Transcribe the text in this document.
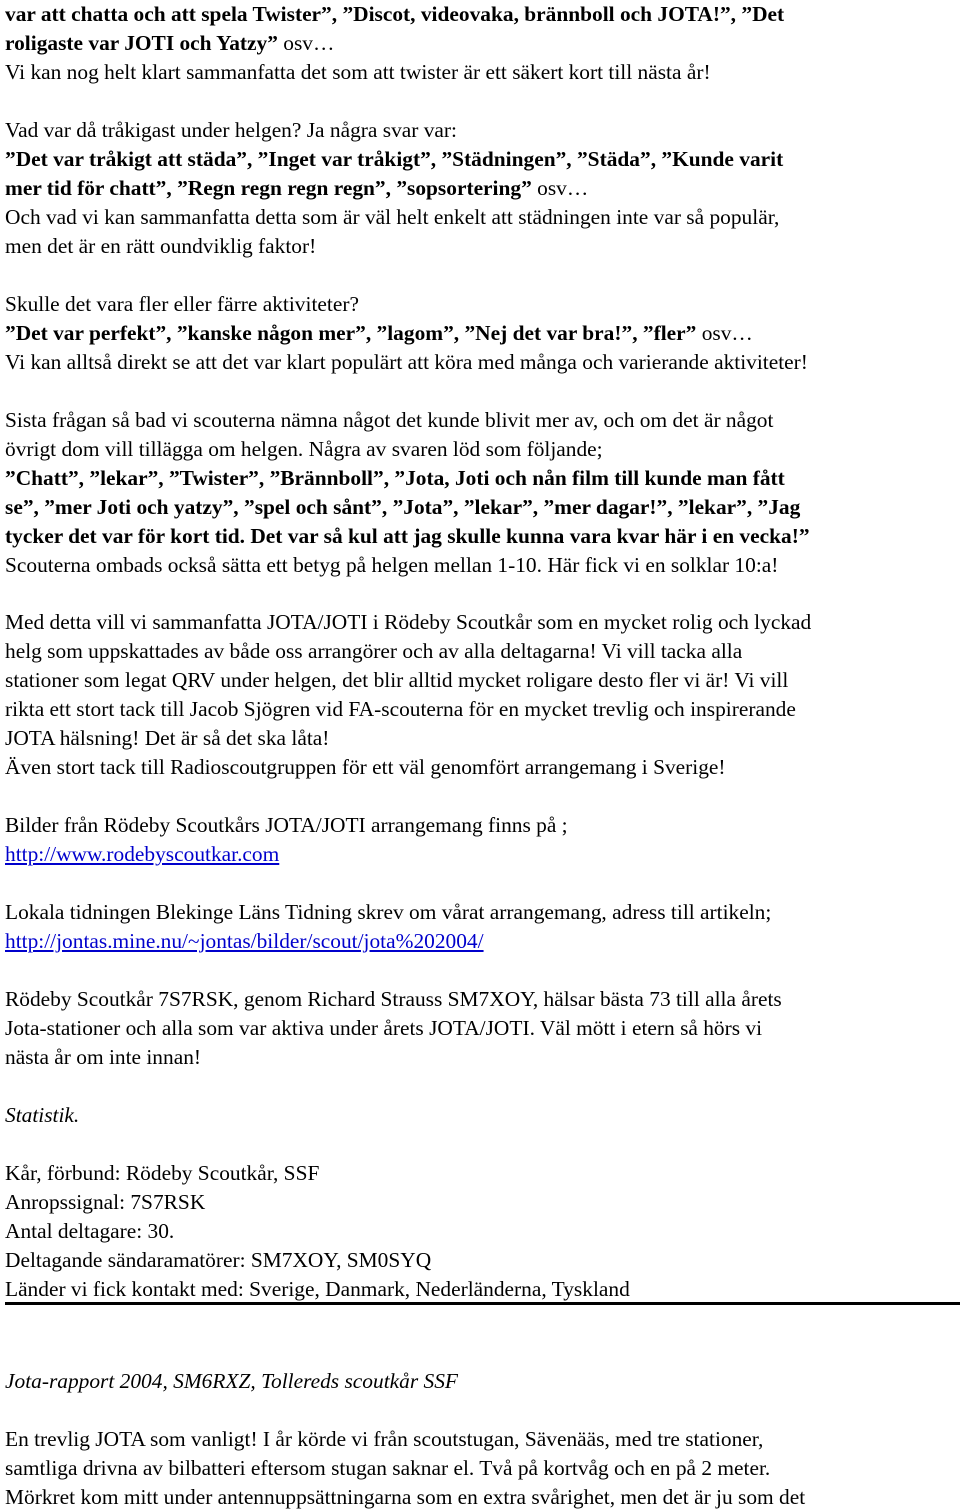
var att chatta och att spela Twister”, ”Discot, videovaka, brännboll och JOTA!”, ”Det
roligaste var JOTI och Yatzy” osv…
Vi kan nog helt klart sammanfatta det som att twister är ett säkert kort till nästa år!
Vad var då tråkigast under helgen? Ja några svar var:
”Det var tråkigt att städa”, ”Inget var tråkigt”, ”Städningen”, ”Städa”, ”Kunde varit
mer tid för chatt”, ”Regn regn regn regn”, ”sopsortering” osv…
Och vad vi kan sammanfatta detta som är väl helt enkelt att städningen inte var så populär,
men det är en rätt oundviklig faktor!
Skulle det vara fler eller färre aktiviteter?
”Det var perfekt”, ”kanske någon mer”, ”lagom”, ”Nej det var bra!”, ”fler” osv…
Vi kan alltså direkt se att det var klart populärt att köra med många och varierande aktiviteter!
Sista frågan så bad vi scouterna nämna något det kunde blivit mer av, och om det är något
övrigt dom vill tillägga om helgen. Några av svaren löd som följande;
”Chatt”, ”lekar”, ”Twister”, ”Brännboll”, ”Jota, Joti och nån film till kunde man fått
se”, ”mer Joti och yatzy”, ”spel och sånt”, ”Jota”, ”lekar”, ”mer dagar!”, ”lekar”, ”Jag
tycker det var för kort tid. Det var så kul att jag skulle kunna vara kvar här i en vecka!”
Scouterna ombads också sätta ett betyg på helgen mellan 1-10. Här fick vi en solklar 10:a!
Med detta vill vi sammanfatta JOTA/JOTI i Rödeby Scoutkår som en mycket rolig och lyckad
helg som uppskattades av både oss arrangörer och av alla deltagarna! Vi vill tacka alla
stationer som legat QRV under helgen, det blir alltid mycket roligare desto fler vi är! Vi vill
rikta ett stort tack till Jacob Sjögren vid FA-scouterna för en mycket trevlig och inspirerande
JOTA hälsning! Det är så det ska låta!
Även stort tack till Radioscoutgruppen för ett väl genomfört arrangemang i Sverige!
Bilder från Rödeby Scoutkårs JOTA/JOTI arrangemang finns på ;
http://www.rodebyscoutkar.com
Lokala tidningen Blekinge Läns Tidning skrev om vårat arrangemang, adress till artikeln;
http://jontas.mine.nu/~jontas/bilder/scout/jota%202004/
Rödeby Scoutkår 7S7RSK, genom Richard Strauss SM7XOY, hälsar bästa 73 till alla årets
Jota-stationer och alla som var aktiva under årets JOTA/JOTI. Väl mött i etern så hörs vi
nästa år om inte innan!
Statistik.
Kår, förbund: Rödeby Scoutkår, SSF
Anropssignal: 7S7RSK
Antal deltagare: 30.
Deltagande sändaramatörer: SM7XOY, SM0SYQ
Länder vi fick kontakt med: Sverige, Danmark, Nederländerna, Tyskland
Jota-rapport 2004, SM6RXZ, Tollereds scoutkår SSF
En trevlig JOTA som vanligt! I år körde vi från scoutstugan, Sävenääs, med tre stationer,
samtliga drivna av bilbatteri eftersom stugan saknar el. Två på kortvåg och en på 2 meter.
Mörkret kom mitt under antennuppsättningarna som en extra svårighet, men det är ju som det
